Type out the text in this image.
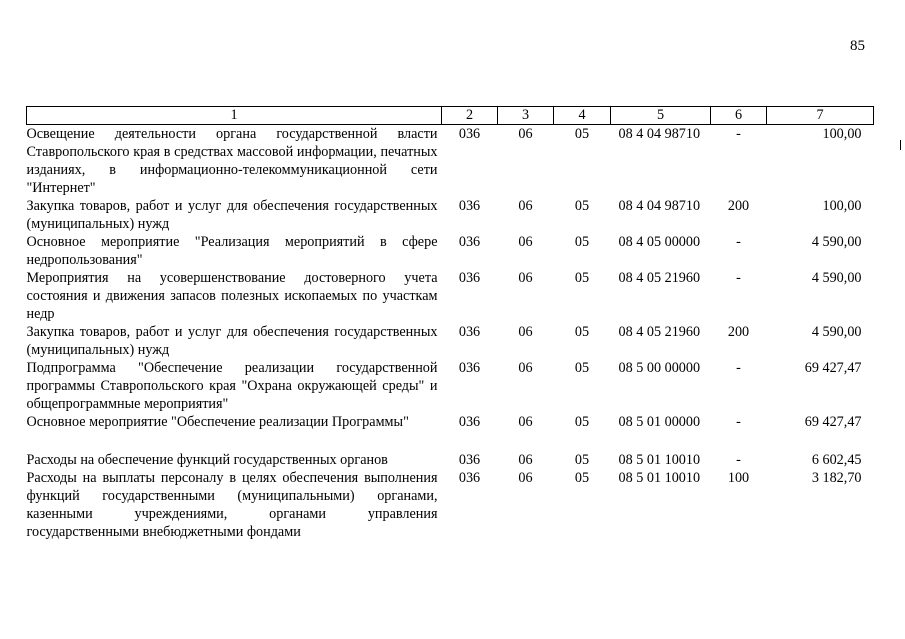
85
1	2	3	4	5	6	7
Освещение деятельности органа государственной власти Ставропольского края в средствах массовой информации, печатных изданиях, в информационно-телекоммуникационной сети "Интернет"	036	06	05	08 4 04 98710	-	100,00
Закупка товаров, работ и услуг для обеспечения государственных (муниципальных) нужд	036	06	05	08 4 04 98710	200	100,00
Основное мероприятие "Реализация мероприятий в сфере недропользования"	036	06	05	08 4 05 00000	-	4 590,00
Мероприятия на усовершенствование достоверного учета состояния и движения запасов полезных ископаемых по участкам недр	036	06	05	08 4 05 21960	-	4 590,00
Закупка товаров, работ и услуг для обеспечения государственных (муниципальных) нужд	036	06	05	08 4 05 21960	200	4 590,00
Подпрограмма "Обеспечение реализации государственной программы Ставропольского края "Охрана окружающей среды" и общепрограммные мероприятия"	036	06	05	08 5 00 00000	-	69 427,47
Основное мероприятие "Обеспечение реализации Программы"	036	06	05	08 5 01 00000	-	69 427,47
Расходы на обеспечение функций государственных органов	036	06	05	08 5 01 10010	-	6 602,45
Расходы на выплаты персоналу в целях обеспечения выполнения функций государственными (муниципальными) органами, казенными учреждениями, органами управления государственными внебюджетными фондами	036	06	05	08 5 01 10010	100	3 182,70
